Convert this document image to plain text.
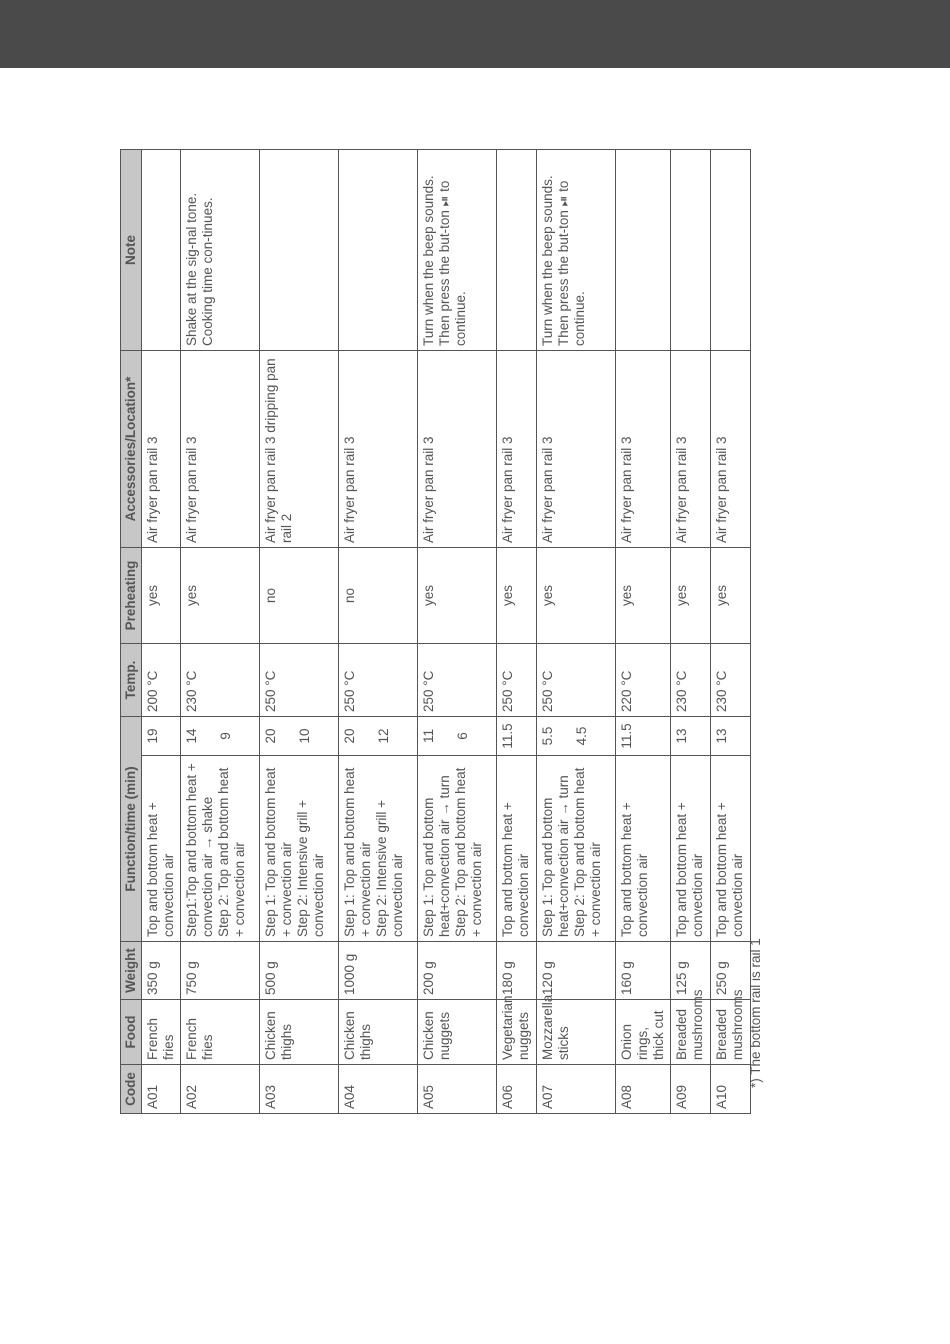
Code	Food	Weight	Function/time (min)		Temp.	Preheating	Accessories/Location*	Note
A01	French fries	350 g	Top and bottom heat + convection air	19	200 °C	yes	Air fryer pan rail 3	
A02	French fries	750 g	Step1:Top and bottom heat + convection air → shake Step 2: Top and bottom heat + convection air	14 9	230 °C	yes	Air fryer pan rail 3	Shake at the sig-nal tone. Cooking time con-tinues.
A03	Chicken thighs	500 g	Step 1: Top and bottom heat + convection air Step 2: Intensive grill + convection air	20 10	250 °C	no	Air fryer pan rail 3 dripping pan rail 2	
A04	Chicken thighs	1000 g	Step 1: Top and bottom heat + convection air Step 2: Intensive grill + convection air	20 12	250 °C	no	Air fryer pan rail 3	
A05	Chicken nuggets	200 g	Step 1: Top and bottom heat+convection air → turn Step 2: Top and bottom heat + convection air	11 6	250 °C	yes	Air fryer pan rail 3	Turn when the beep sounds. Then press the but-ton ⏯ to continue.
A06	Vegetarian nuggets	180 g	Top and bottom heat + convection air	11.5	250 °C	yes	Air fryer pan rail 3	
A07	Mozzarella sticks	120 g	Step 1: Top and bottom heat+convection air → turn Step 2: Top and bottom heat + convection air	5.5 4.5	250 °C	yes	Air fryer pan rail 3	Turn when the beep sounds. Then press the but-ton ⏯ to continue.
A08	Onion rings, thick cut	160 g	Top and bottom heat + convection air	11.5	220 °C	yes	Air fryer pan rail 3	
A09	Breaded mushrooms	125 g	Top and bottom heat + convection air	13	230 °C	yes	Air fryer pan rail 3	
A10	Breaded mushrooms	250 g	Top and bottom heat + convection air	13	230 °C	yes	Air fryer pan rail 3	
*) The bottom rail is rail 1
